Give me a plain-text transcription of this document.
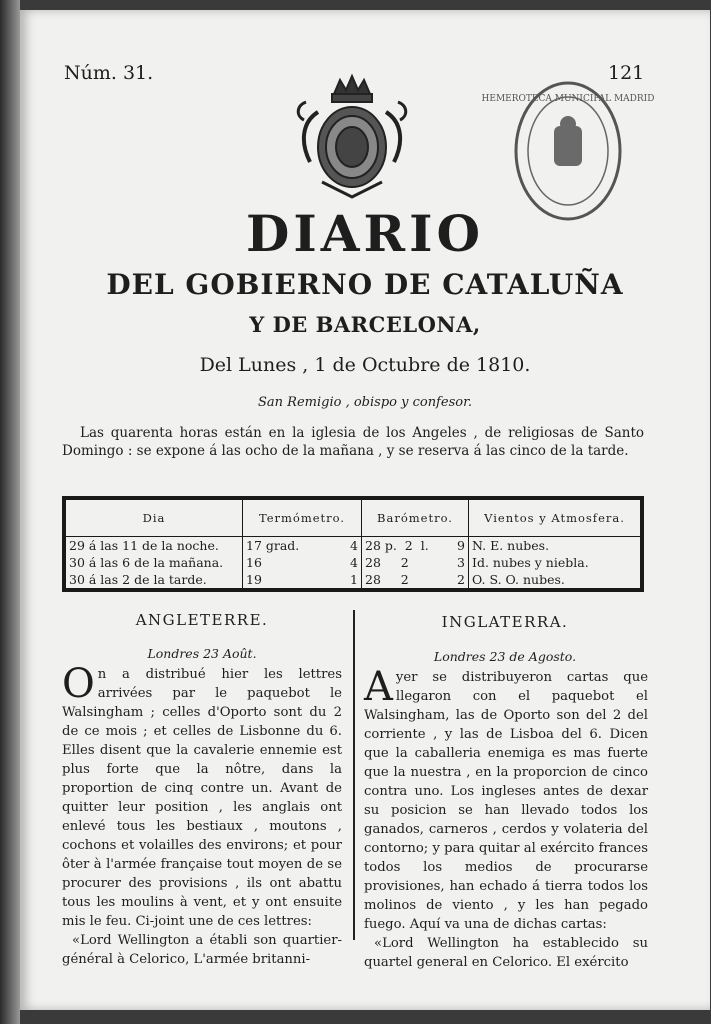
Núm. 31.	121
HEMEROTECA MUNICIPAL MADRID
DIARIO
DEL GOBIERNO DE CATALUÑA
Y DE BARCELONA,
Del Lunes , 1 de Octubre de 1810.
San Remigio , obispo y confesor.
Las quarenta horas están en la iglesia de los Angeles , de religiosas de Santo Domingo : se expone á las ocho de la mañana , y se reserva á las cinco de la tarde.
Dia	Termómetro.	Barómetro.	Vientos y Atmosfera.
29 á las 11 de la noche.	17 grad. 4	28 p.  2  l. 9	N. E. nubes.
30 á las 6 de la mañana.	16 4	28     2 3	Id. nubes y niebla.
30 á las 2 de la tarde.	19 1	28     2 2	O. S. O. nubes.
ANGLETERRE.
Londres 23 Août.
On a distribué hier les lettres arrivées par le paquebot le Walsingham ; celles d'Oporto sont du 2 de ce mois ; et celles de Lisbonne du 6. Elles disent que la cavalerie ennemie est plus forte que la nôtre, dans la proportion de cinq contre un. Avant de quitter leur position , les anglais ont enlevé tous les bestiaux , moutons , cochons et volailles des environs; et pour ôter à l'armée française tout moyen de se procurer des provisions , ils ont abattu tous les moulins à vent, et y ont ensuite mis le feu. Ci-joint une de ces lettres:
«Lord Wellington a établi son quartier-général à Celorico, L'armée britanni-
INGLATERRA.
Londres 23 de Agosto.
Ayer se distribuyeron cartas que llegaron con el paquebot el Walsingham, las de Oporto son del 2 del corriente , y las de Lisboa del 6. Dicen que la caballeria enemiga es mas fuerte que la nuestra , en la proporcion de cinco contra uno. Los ingleses antes de dexar su posicion se han llevado todos los ganados, carneros , cerdos y volateria del contorno; y para quitar al exército frances todos los medios de procurarse provisiones, han echado á tierra todos los molinos de viento , y les han pegado fuego. Aquí va una de dichas cartas:
«Lord Wellington ha establecido su quartel general en Celorico. El exército
